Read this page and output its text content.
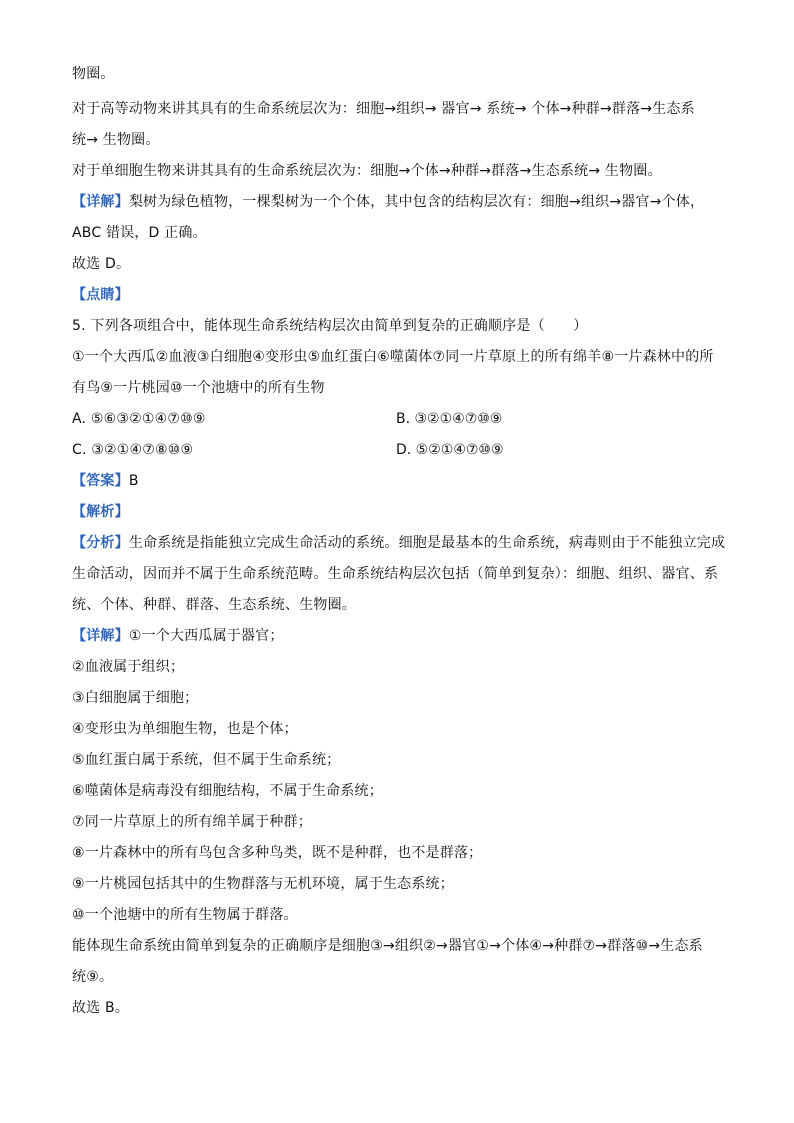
物圈。
对于高等动物来讲其具有的生命系统层次为：细胞→组织→ 器官→ 系统→ 个体→种群→群落→生态系
统→ 生物圈。
对于单细胞生物来讲其具有的生命系统层次为：细胞→个体→种群→群落→生态系统→ 生物圈。
【详解】梨树为绿色植物，一棵梨树为一个个体，其中包含的结构层次有：细胞→组织→器官→个体，
ABC 错误，D 正确。
故选 D。
【点睛】
5. 下列各项组合中，能体现生命系统结构层次由简单到复杂的正确顺序是（　　）
①一个大西瓜②血液③白细胞④变形虫⑤血红蛋白⑥噬菌体⑦同一片草原上的所有绵羊⑧一片森林中的所
有鸟⑨一片桃园⑩一个池塘中的所有生物
A. ⑤⑥③②①④⑦⑩⑨	B. ③②①④⑦⑩⑨
C. ③②①④⑦⑧⑩⑨	D. ⑤②①④⑦⑩⑨
【答案】B
【解析】
【分析】生命系统是指能独立完成生命活动的系统。细胞是最基本的生命系统，病毒则由于不能独立完成
生命活动，因而并不属于生命系统范畴。生命系统结构层次包括（简单到复杂）：细胞、组织、器官、系
统、个体、种群、群落、生态系统、生物圈。
【详解】①一个大西瓜属于器官；
②血液属于组织；
③白细胞属于细胞；
④变形虫为单细胞生物，也是个体；
⑤血红蛋白属于系统，但不属于生命系统；
⑥噬菌体是病毒没有细胞结构，不属于生命系统；
⑦同一片草原上的所有绵羊属于种群；
⑧一片森林中的所有鸟包含多种鸟类，既不是种群，也不是群落；
⑨一片桃园包括其中的生物群落与无机环境，属于生态系统；
⑩一个池塘中的所有生物属于群落。
能体现生命系统由简单到复杂的正确顺序是细胞③→组织②→器官①→个体④→种群⑦→群落⑩→生态系
统⑨。
故选 B。
